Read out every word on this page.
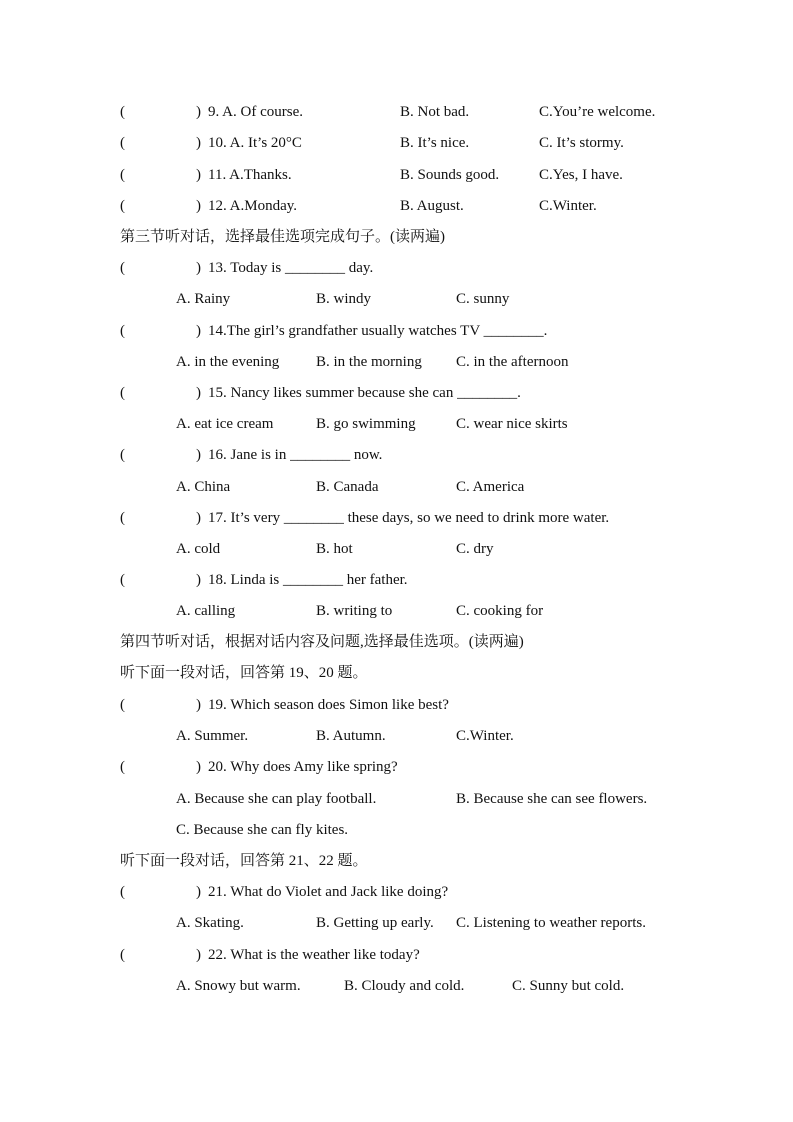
(	) 9. A. Of course.	B. Not bad.	C.You’re welcome.
(	) 10. A. It’s 20°C	B. It’s nice.	C. It’s stormy.
(	) 11. A.Thanks.	B. Sounds good.	C.Yes, I have.
(	) 12. A.Monday.	B. August.	C.Winter.
第三节听对话，选择最佳选项完成句子。(读两遍)
(	) 13. Today is ________ day.
A. Rainy	B. windy	C. sunny
(	) 14.The girl’s grandfather usually watches TV ________.
A. in the evening B. in the morning C. in the afternoon
(	) 15. Nancy likes summer because she can ________.
A. eat ice cream	B. go swimming	C. wear nice skirts
(	) 16. Jane is in ________ now.
A. China	B. Canada	C. America
(	) 17. It’s very ________ these days, so we need to drink more water.
A. cold	B. hot	C. dry
(	) 18. Linda is ________ her father.
A. calling	B. writing to	C. cooking for
第四节听对话，根据对话内容及问题,选择最佳选项。(读两遍)
听下面一段对话，回答第 19、20 题。
(	) 19. Which season does Simon like best?
A. Summer.	B. Autumn.	C.Winter.
(	) 20. Why does Amy like spring?
A. Because she can play football.	B. Because she can see flowers.
C. Because she can fly kites.
听下面一段对话，回答第 21、22 题。
(	) 21. What do Violet and Jack like doing?
A. Skating.	B. Getting up early. C. Listening to weather reports.
(	) 22. What is the weather like today?
A. Snowy but warm.	B. Cloudy and cold.	C. Sunny but cold.
